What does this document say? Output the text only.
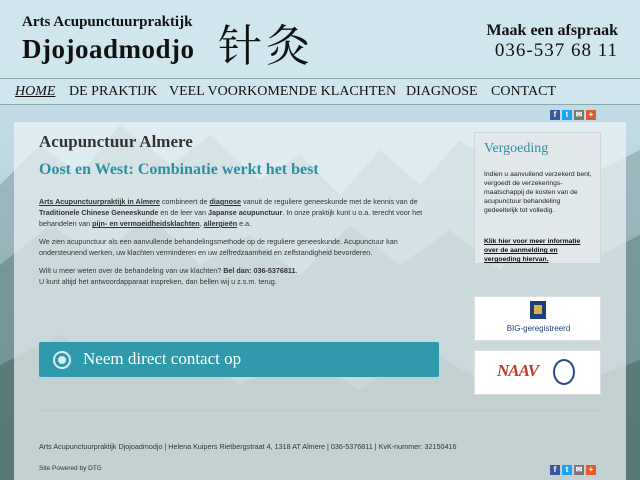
Arts Acupunctuurpraktijk
Djojoadmodjo 针灸	Maak een afspraak
036-537 68 11
HOME DE PRAKTIJK VEEL VOORKOMENDE KLACHTEN DIAGNOSE CONTACT
f	t ✉ +
Acupunctuur Almere
Oost en West: Combinatie werkt het best

Arts Acupunctuurpraktijk in Almere combineert de diagnose vanuit de reguliere geneeskunde met de kennis van de Traditionele Chinese Geneeskunde en de leer van Japanse acupunctuur. In onze praktijk kunt u o.a. terecht voor het behandelen van pijn- en vermoeidheidsklachten, allergieën e.a.

We zien acupunctuur als een aanvullende behandelingsmethode op de reguliere geneeskunde. Acupunctuur kan ondersteunend werken, uw klachten verminderen en uw zelfredzaamheid en zelfstandigheid bevorderen.

Wilt u meer weten over de behandeling van uw klachten? Bel dan: 036-5376811.
U kunt altijd het antwoordapparaat inspreken, dan bellen wij u z.s.m. terug.

Neem direct contact op
Vergoeding
Indien u aanvullend verzekerd bent, vergoedt de verzekerings-maatschappij de kosten van de acupunctuur behandeling gedeeltelijk tot volledig.
Klik hier voor meer informatie over de aanmelding en vergoeding hiervan.
BIG-geregistreerd
NAAV
Arts Acupunctuurpraktijk Djojoadmodjo | Helena Kuipers Rietbergstraat 4, 1318 AT Almere | 036-5376811 | KvK-nummer: 32150416
Site Powered by DTG	f	t ✉ +
